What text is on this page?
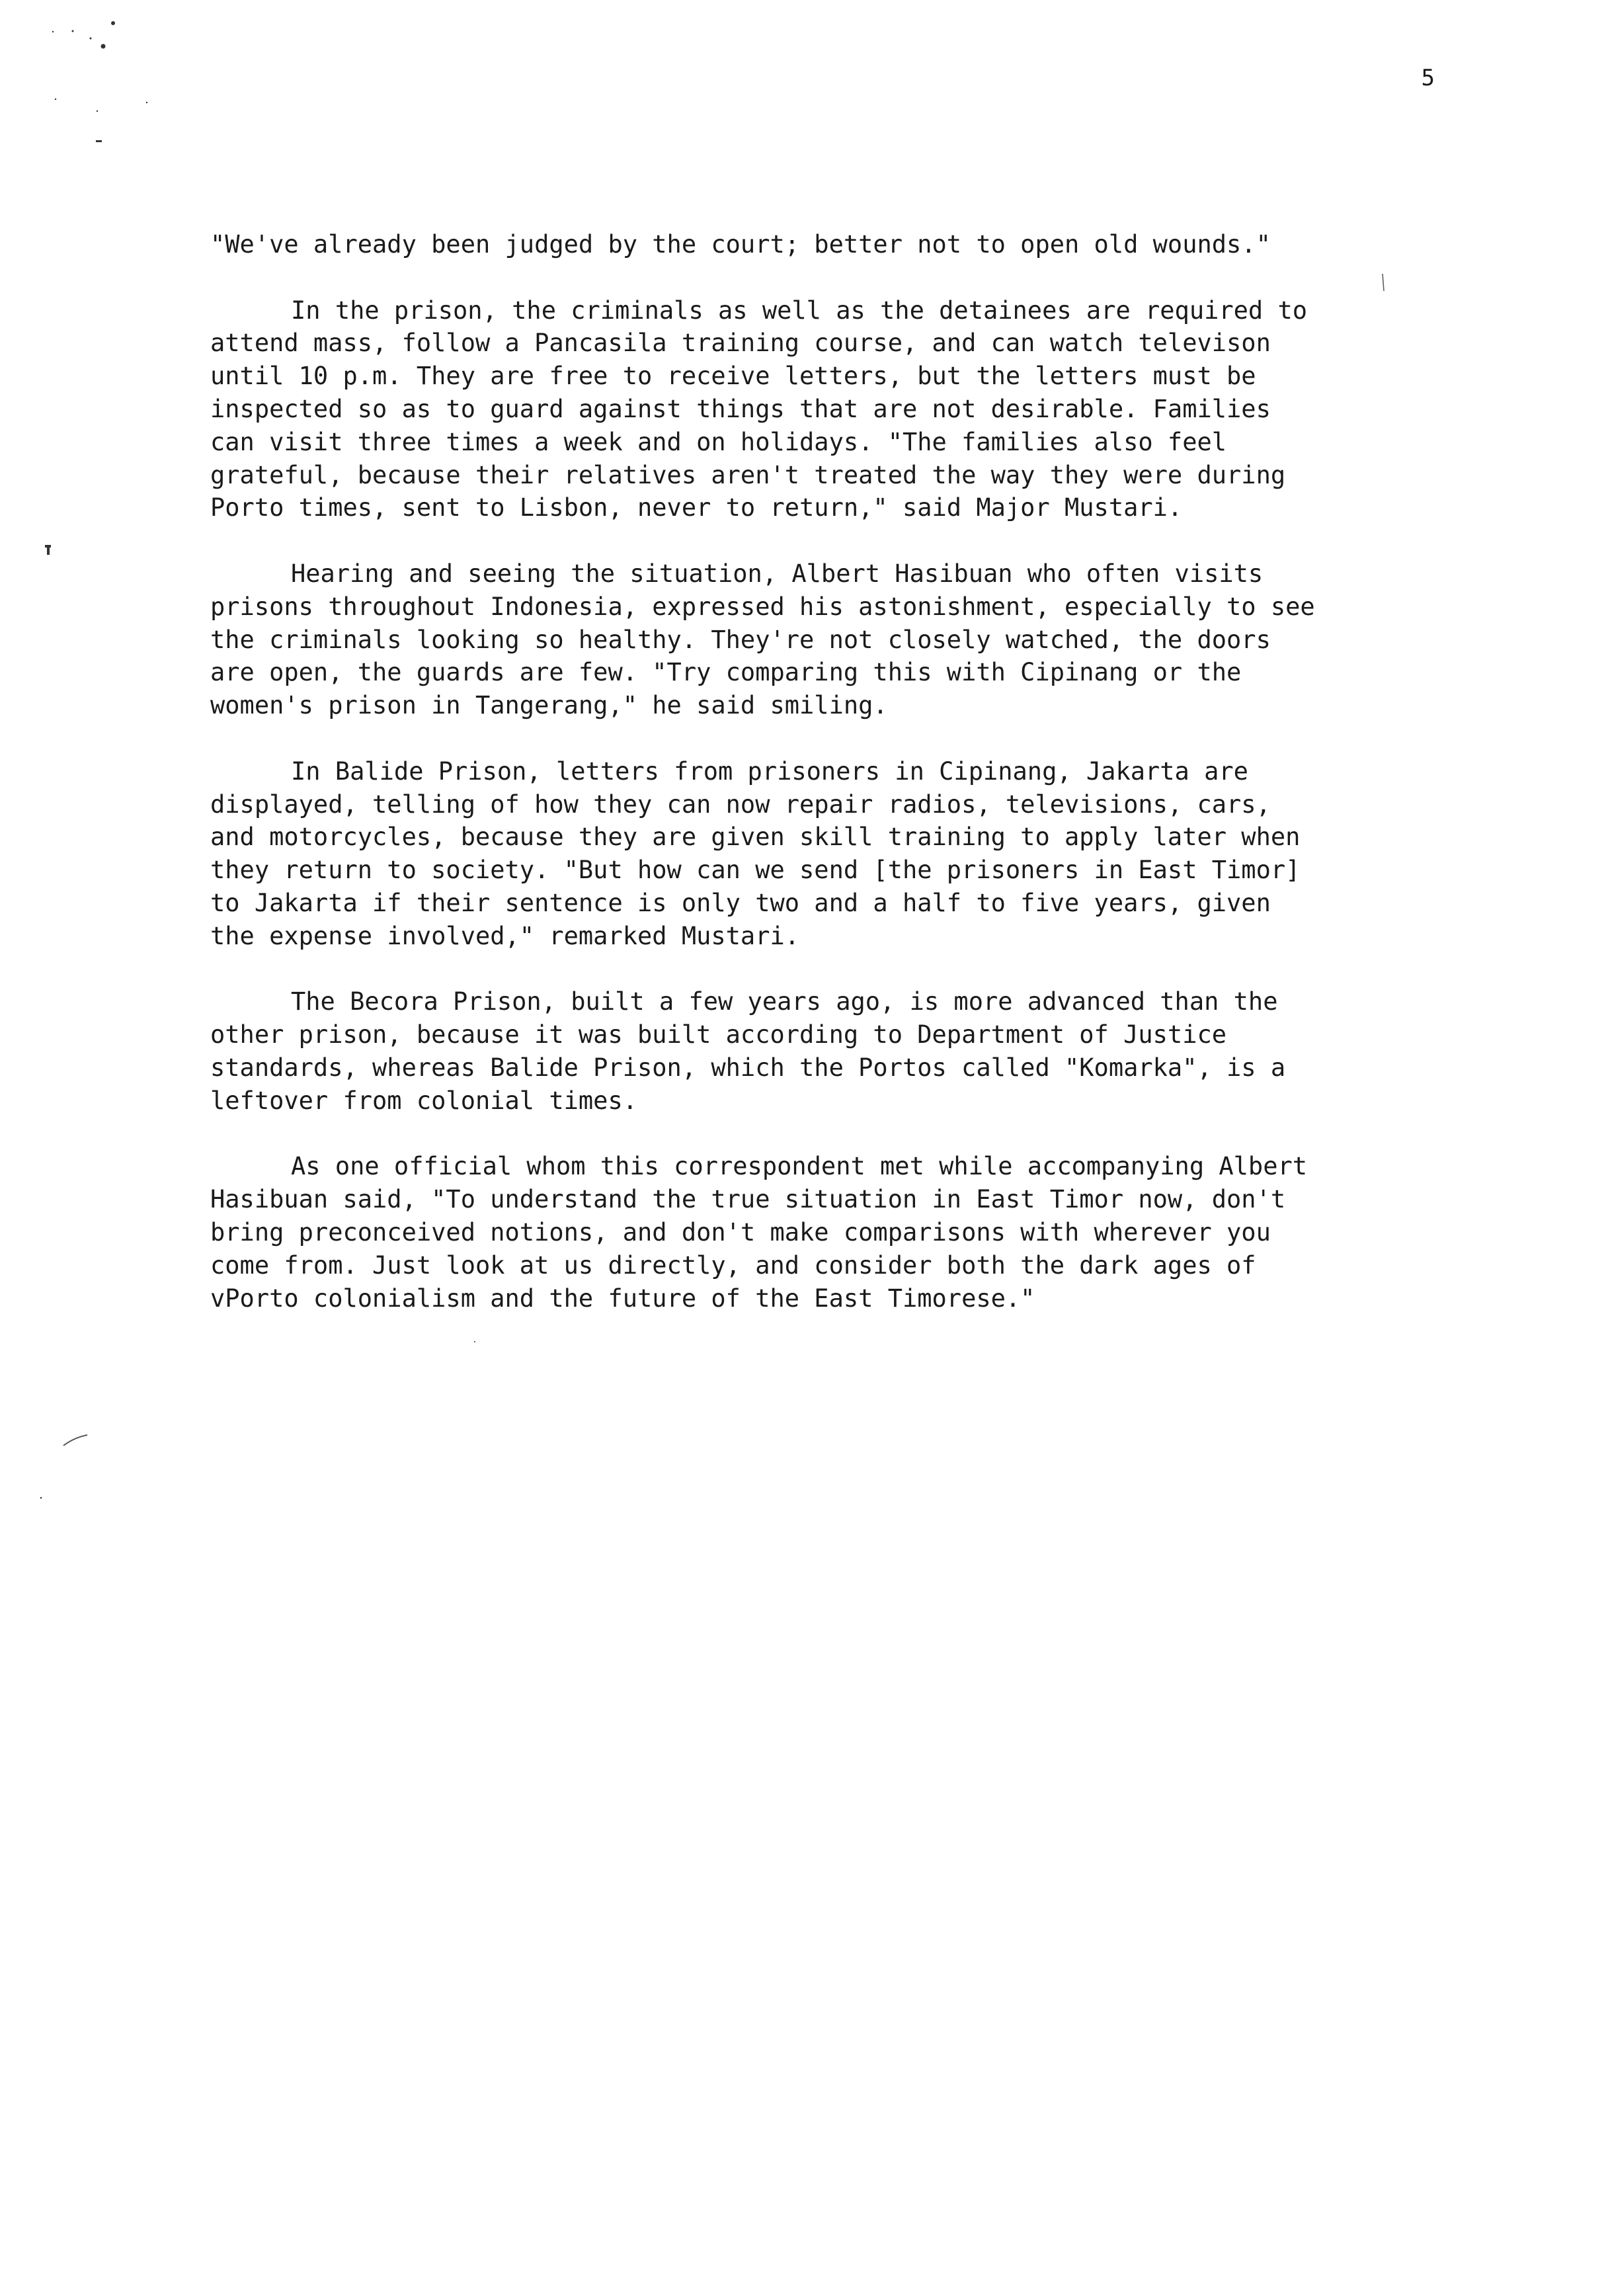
5

"We've already been judged by the court; better not to open old wounds."

In the prison, the criminals as well as the detainees are required to
attend mass, follow a Pancasila training course, and can watch televison
until 10 p.m. They are free to receive letters, but the letters must be
inspected so as to guard against things that are not desirable. Families
can visit three times a week and on holidays. "The families also feel
grateful, because their relatives aren't treated the way they were during
Porto times, sent to Lisbon, never to return," said Major Mustari.

Hearing and seeing the situation, Albert Hasibuan who often visits
prisons throughout Indonesia, expressed his astonishment, especially to see
the criminals looking so healthy. They're not closely watched, the doors
are open, the guards are few. "Try comparing this with Cipinang or the
women's prison in Tangerang," he said smiling.

In Balide Prison, letters from prisoners in Cipinang, Jakarta are
displayed, telling of how they can now repair radios, televisions, cars,
and motorcycles, because they are given skill training to apply later when
they return to society. "But how can we send [the prisoners in East Timor]
to Jakarta if their sentence is only two and a half to five years, given
the expense involved," remarked Mustari.

The Becora Prison, built a few years ago, is more advanced than the
other prison, because it was built according to Department of Justice
standards, whereas Balide Prison, which the Portos called "Komarka", is a
leftover from colonial times.

As one official whom this correspondent met while accompanying Albert
Hasibuan said, "To understand the true situation in East Timor now, don't
bring preconceived notions, and don't make comparisons with wherever you
come from. Just look at us directly, and consider both the dark ages of
vPorto colonialism and the future of the East Timorese."
